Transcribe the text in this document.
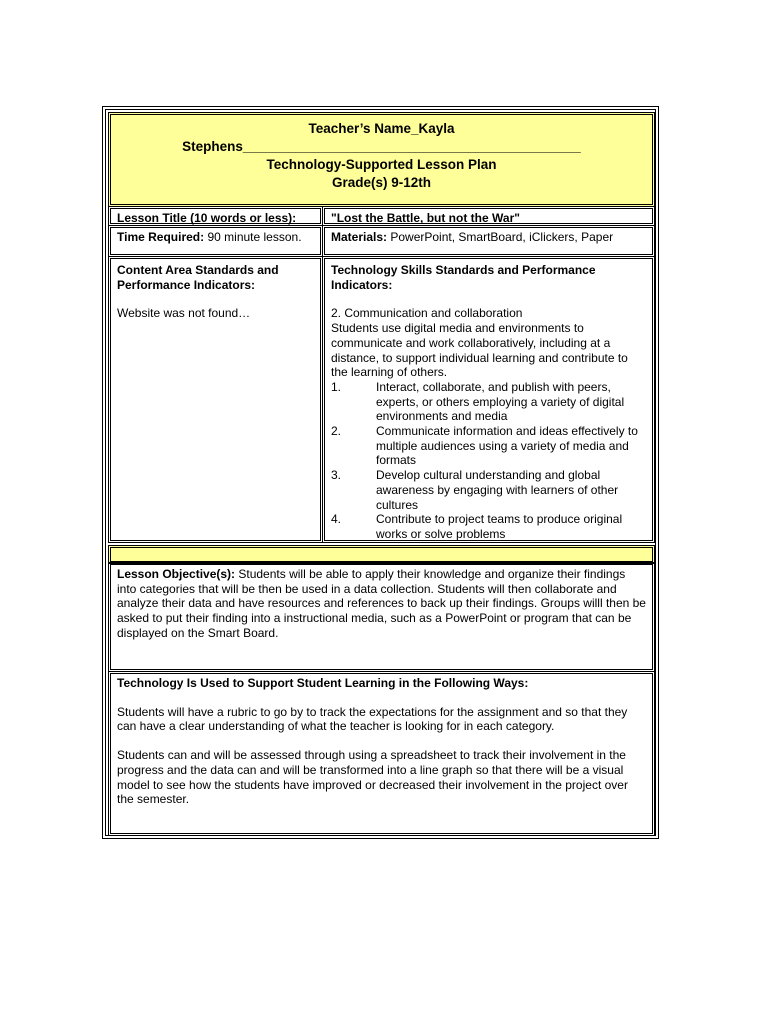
Teacher’s Name_Kayla
Stephens_____________________________________________
Technology-Supported Lesson Plan
Grade(s) 9-12th
Lesson Title (10 words or less):	"Lost the Battle, but not the War"
Time Required: 90 minute lesson.	Materials: PowerPoint, SmartBoard, iClickers, Paper
Content Area Standards and Performance Indicators:
Website was not found…
Technology Skills Standards and Performance Indicators:
2. Communication and collaboration
Students use digital media and environments to communicate and work collaboratively, including at a distance, to support individual learning and contribute to the learning of others.
1.	Interact, collaborate, and publish with peers, experts, or others employing a variety of digital environments and media
2.	Communicate information and ideas effectively to multiple audiences using a variety of media and formats
3.	Develop cultural understanding and global awareness by engaging with learners of other cultures
4.	Contribute to project teams to produce original works or solve problems
Lesson Objective(s): Students will be able to apply their knowledge and organize their findings into categories that will be then be used in a data collection. Students will then collaborate and analyze their data and have resources and references to back up their findings. Groups willl then be asked to put their finding into a instructional media, such as a PowerPoint or program that can be displayed on the Smart Board.
Technology Is Used to Support Student Learning in the Following Ways:

Students will have a rubric to go by to track the expectations for the assignment and so that they can have a clear understanding of what the teacher is looking for in each category.

Students can and will be assessed through using a spreadsheet to track their involvement in the progress and the data can and will be transformed into a line graph so that there will be a visual model to see how the students have improved or decreased their involvement in the project over the semester.
